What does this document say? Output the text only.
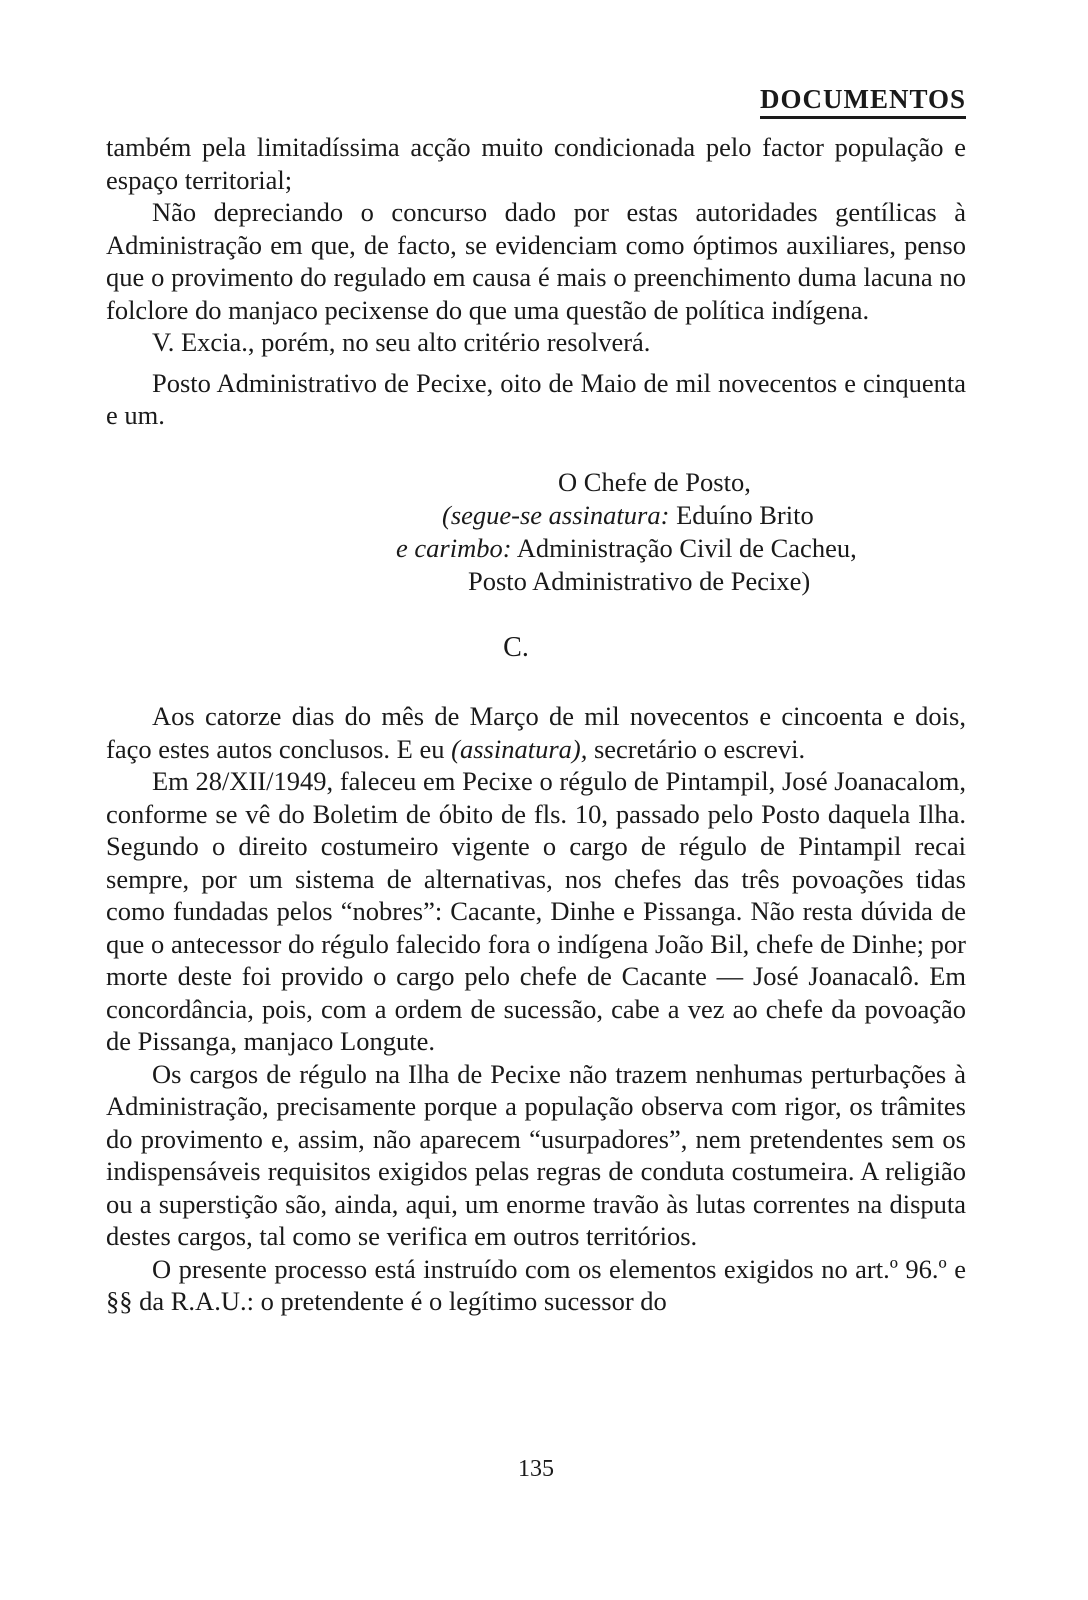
DOCUMENTOS

também pela limitadíssima acção muito condicionada pelo factor população e espaço territorial;

Não depreciando o concurso dado por estas autoridades gentílicas à Administração em que, de facto, se evidenciam como óptimos auxiliares, penso que o provimento do regulado em causa é mais o preenchimento duma lacuna no folclore do manjaco pecixense do que uma questão de política indígena.

V. Excia., porém, no seu alto critério resolverá.

Posto Administrativo de Pecixe, oito de Maio de mil novecentos e cinquenta e um.

O Chefe de Posto,
(segue-se assinatura: Eduíno Brito
e carimbo: Administração Civil de Cacheu,
Posto Administrativo de Pecixe)
C.

Aos catorze dias do mês de Março de mil novecentos e cincoenta e dois, faço estes autos conclusos. E eu (assinatura), secretário o escrevi.

Em 28/XII/1949, faleceu em Pecixe o régulo de Pintampil, José Joanacalom, conforme se vê do Boletim de óbito de fls. 10, passado pelo Posto daquela Ilha. Segundo o direito costumeiro vigente o cargo de régulo de Pintampil recai sempre, por um sistema de alternativas, nos chefes das três povoações tidas como fundadas pelos “nobres”: Cacante, Dinhe e Pissanga. Não resta dúvida de que o antecessor do régulo falecido fora o indígena João Bil, chefe de Dinhe; por morte deste foi provido o cargo pelo chefe de Cacante — José Joanacalô. Em concordância, pois, com a ordem de sucessão, cabe a vez ao chefe da povoação de Pissanga, manjaco Longute.

Os cargos de régulo na Ilha de Pecixe não trazem nenhumas perturbações à Administração, precisamente porque a população observa com rigor, os trâmites do provimento e, assim, não aparecem “usurpadores”, nem pretendentes sem os indispensáveis requisitos exigidos pelas regras de conduta costumeira. A religião ou a superstição são, ainda, aqui, um enorme travão às lutas correntes na disputa destes cargos, tal como se verifica em outros territórios.

O presente processo está instruído com os elementos exigidos no art.º 96.º e §§ da R.A.U.: o pretendente é o legítimo sucessor do

135
